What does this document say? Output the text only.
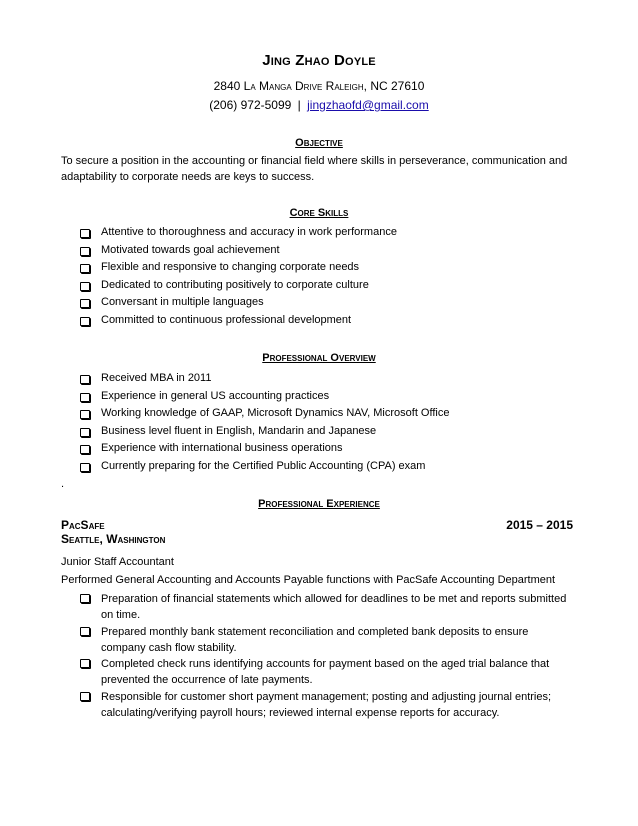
Jing Zhao Doyle
2840 La Manga Drive Raleigh, NC 27610
(206) 972-5099 | jingzhaofd@gmail.com
Objective
To secure a position in the accounting or financial field where skills in perseverance, communication and adaptability to corporate needs are keys to success.
Core Skills
Attentive to thoroughness and accuracy in work performance
Motivated towards goal achievement
Flexible and responsive to changing corporate needs
Dedicated to contributing positively to corporate culture
Conversant in multiple languages
Committed to continuous professional development
Professional Overview
Received MBA in 2011
Experience in general US accounting practices
Working knowledge of GAAP, Microsoft Dynamics NAV, Microsoft Office
Business level fluent in English, Mandarin and Japanese
Experience with international business operations
Currently preparing for the Certified Public Accounting (CPA) exam
.
Professional Experience
PacSafe	2015 – 2015
Seattle, Washington
Junior Staff Accountant
Performed General Accounting and Accounts Payable functions with PacSafe Accounting Department
Preparation of financial statements which allowed for deadlines to be met and reports submitted on time.
Prepared monthly bank statement reconciliation and completed bank deposits to ensure company cash flow stability.
Completed check runs identifying accounts for payment based on the aged trial balance that prevented the occurrence of late payments.
Responsible for customer short payment management; posting and adjusting journal entries; calculating/verifying payroll hours; reviewed internal expense reports for accuracy.
